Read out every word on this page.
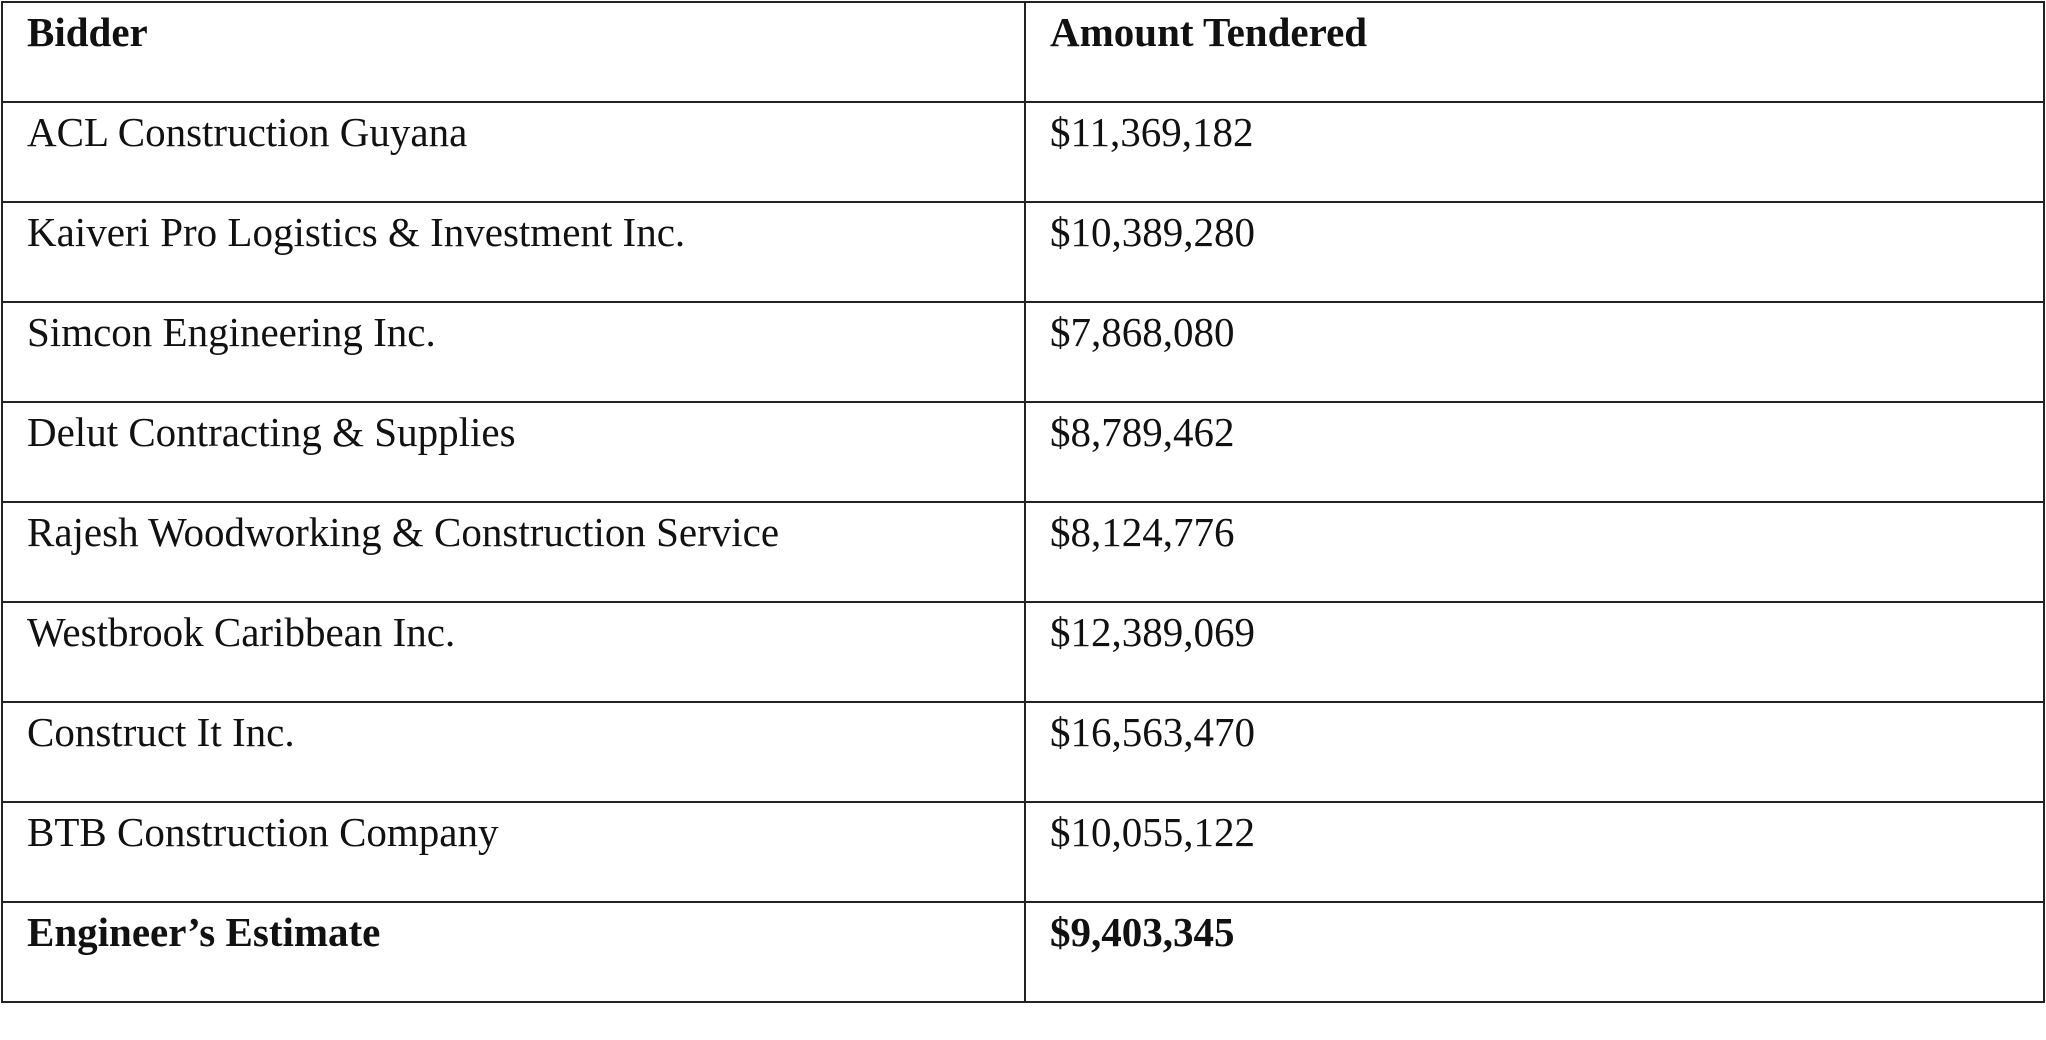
Bidder	Amount Tendered

ACL Construction Guyana	$11,369,182

Kaiveri Pro Logistics & Investment Inc.	$10,389,280

Simcon Engineering Inc.	$7,868,080

Delut Contracting & Supplies	$8,789,462

Rajesh Woodworking & Construction Service	$8,124,776

Westbrook Caribbean Inc.	$12,389,069

Construct It Inc.	$16,563,470

BTB Construction Company	$10,055,122

Engineer’s Estimate	$9,403,345
